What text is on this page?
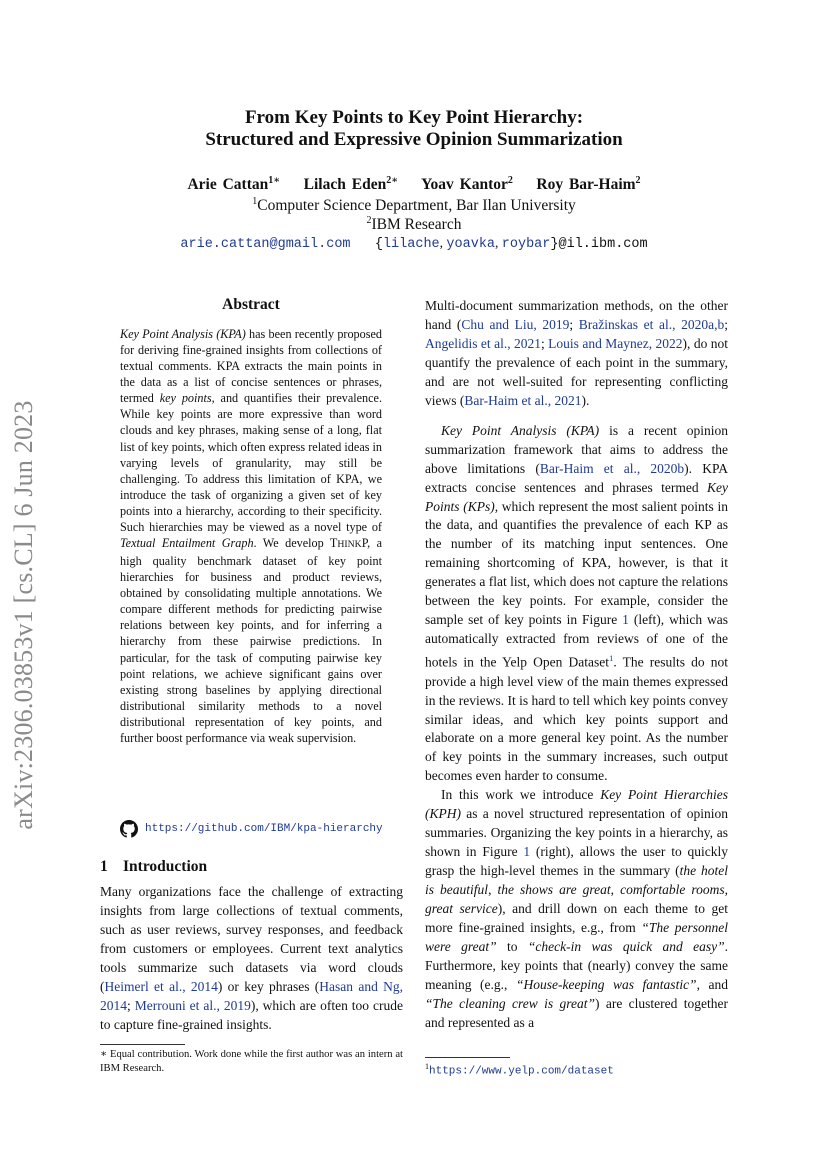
arXiv:2306.03853v1 [cs.CL] 6 Jun 2023
From Key Points to Key Point Hierarchy:
Structured and Expressive Opinion Summarization
Arie Cattan$^{1∗}$ Lilach Eden$^{2∗}$ Yoav Kantor$^2$ Roy Bar-Haim$^2$
$^1$Computer Science Department, Bar Ilan University
$^2$IBM Research
arie.cattan@gmail.com {lilache, yoavka, roybar}@il.ibm.com
Abstract
Key Point Analysis (KPA) has been recently proposed for deriving fine-grained insights from collections of textual comments. KPA extracts the main points in the data as a list of concise sentences or phrases, termed key points, and quantifies their prevalence. While key points are more expressive than word clouds and key phrases, making sense of a long, flat list of key points, which often express related ideas in varying levels of granularity, may still be challenging. To address this limitation of KPA, we introduce the task of organizing a given set of key points into a hierarchy, according to their specificity. Such hierarchies may be viewed as a novel type of Textual Entailment Graph. We develop THINKP, a high quality benchmark dataset of key point hierarchies for business and product reviews, obtained by consolidating multiple annotations. We compare different methods for predicting pairwise relations between key points, and for inferring a hierarchy from these pairwise predictions. In particular, for the task of computing pairwise key point relations, we achieve significant gains over existing strong baselines by applying directional distributional similarity methods to a novel distributional representation of key points, and further boost performance via weak supervision.
https://github.com/IBM/kpa-hierarchy
1 Introduction
Many organizations face the challenge of extracting insights from large collections of textual comments, such as user reviews, survey responses, and feedback from customers or employees. Current text analytics tools summarize such datasets via word clouds (Heimerl et al., 2014) or key phrases (Hasan and Ng, 2014; Merrouni et al., 2019), which are often too crude to capture fine-grained insights.
∗ Equal contribution. Work done while the first author was an intern at IBM Research.

Multi-document summarization methods, on the other hand (Chu and Liu, 2019; Bražinskas et al., 2020a,b; Angelidis et al., 2021; Louis and Maynez, 2022), do not quantify the prevalence of each point in the summary, and are not well-suited for representing conflicting views (Bar-Haim et al., 2021).

Key Point Analysis (KPA) is a recent opinion summarization framework that aims to address the above limitations (Bar-Haim et al., 2020b). KPA extracts concise sentences and phrases termed Key Points (KPs), which represent the most salient points in the data, and quantifies the prevalence of each KP as the number of its matching input sentences. One remaining shortcoming of KPA, however, is that it generates a flat list, which does not capture the relations between the key points. For example, consider the sample set of key points in Figure 1 (left), which was automatically extracted from reviews of one of the hotels in the Yelp Open Dataset$^1$. The results do not provide a high level view of the main themes expressed in the reviews. It is hard to tell which key points convey similar ideas, and which key points support and elaborate on a more general key point. As the number of key points in the summary increases, such output becomes even harder to consume.

In this work we introduce Key Point Hierarchies (KPH) as a novel structured representation of opinion summaries. Organizing the key points in a hierarchy, as shown in Figure 1 (right), allows the user to quickly grasp the high-level themes in the summary (the hotel is beautiful, the shows are great, comfortable rooms, great service), and drill down on each theme to get more fine-grained insights, e.g., from “The personnel were great” to “check-in was quick and easy”. Furthermore, key points that (nearly) convey the same meaning (e.g., “House-keeping was fantastic”, and “The cleaning crew is great”) are clustered together and represented as a

$^1$https://www.yelp.com/dataset
